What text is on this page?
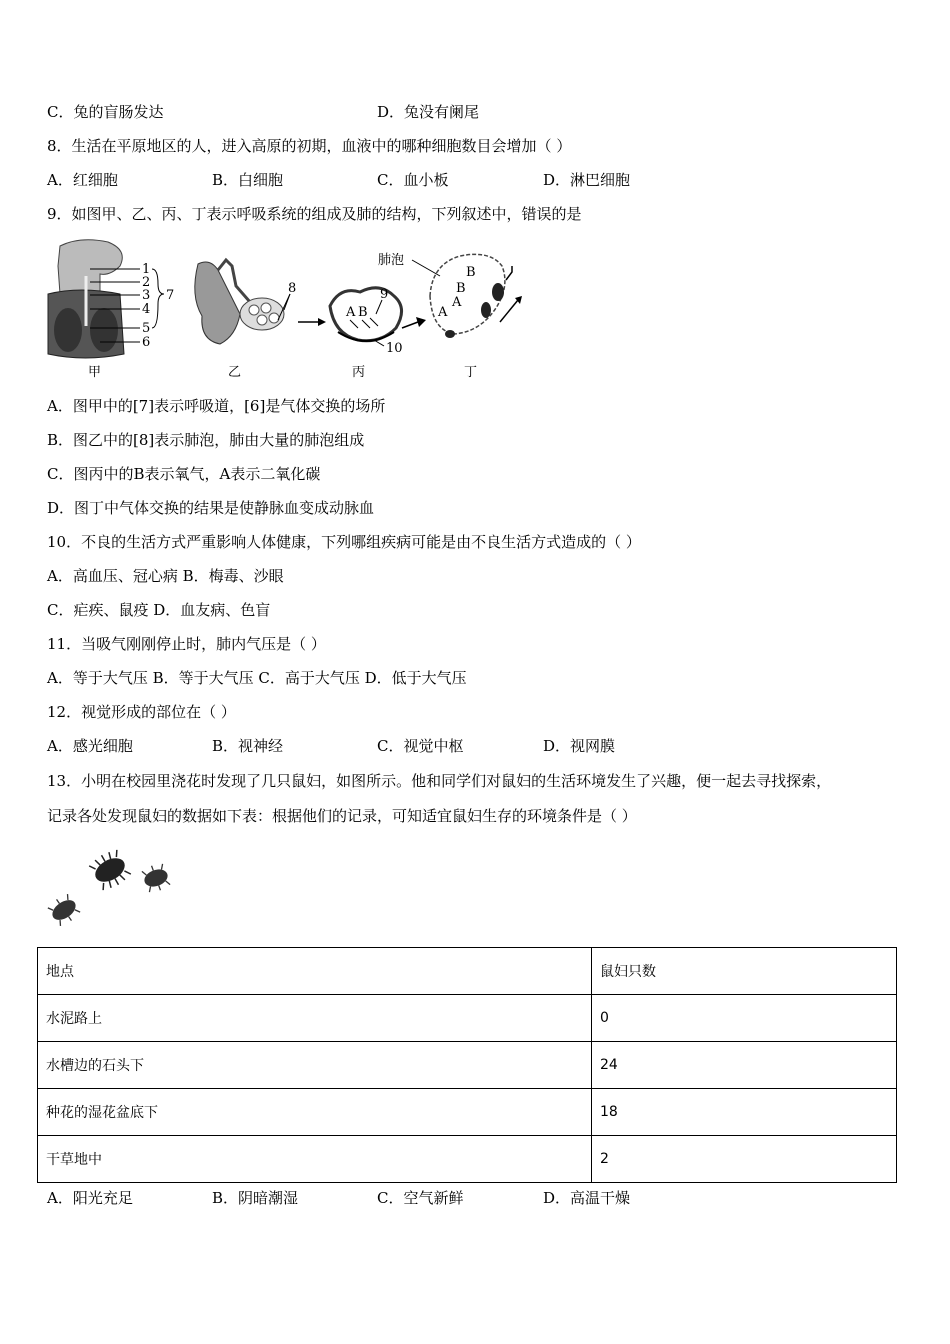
C．兔的盲肠发达	D．兔没有阑尾
8．生活在平原地区的人，进入高原的初期，血液中的哪种细胞数目会增加（ ）
A．红细胞	B．白细胞	C．血小板	D．淋巴细胞
9．如图甲、乙、丙、丁表示呼吸系统的组成及肺的结构，下列叙述中，错误的是
1
2
3
4
5
6
7
甲
8
乙
A B
9
10
丙
肺泡
B
B
A
A
丁
A．图甲中的[7]表示呼吸道，[6]是气体交换的场所
B．图乙中的[8]表示肺泡，肺由大量的肺泡组成
C．图丙中的B表示氧气，A表示二氧化碳
D．图丁中气体交换的结果是使静脉血变成动脉血
10．不良的生活方式严重影响人体健康，下列哪组疾病可能是由不良生活方式造成的（ ）
A．高血压、冠心病 B．梅毒、沙眼
C．疟疾、鼠疫 D．血友病、色盲
11．当吸气刚刚停止时，肺内气压是（ ）
A．等于大气压 B．等于大气压 C．高于大气压 D．低于大气压
12．视觉形成的部位在（ ）
A．感光细胞	B．视神经	C．视觉中枢	D．视网膜
13．小明在校园里浇花时发现了几只鼠妇，如图所示。他和同学们对鼠妇的生活环境发生了兴趣，便一起去寻找探索，
记录各处发现鼠妇的数据如下表：根据他们的记录，可知适宜鼠妇生存的环境条件是（ ）
地点	鼠妇只数
水泥路上	0
水槽边的石头下	24
种花的湿花盆底下	18
干草地中	2
A．阳光充足	B．阴暗潮湿	C．空气新鲜	D．高温干燥
